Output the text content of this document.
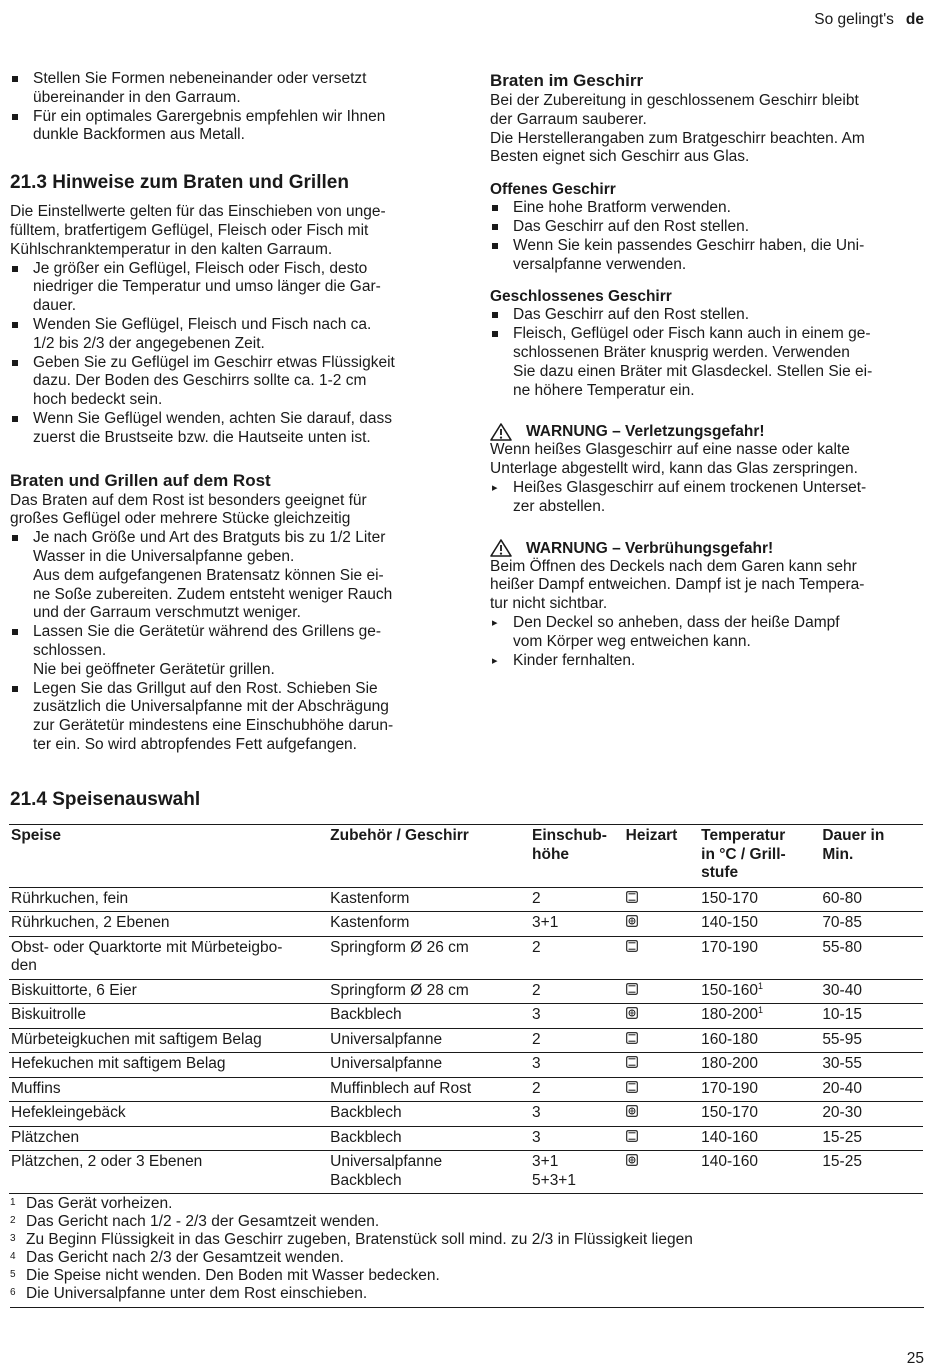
So gelingt's de
Stellen Sie Formen nebeneinander oder versetzt
übereinander in den Garraum.
Für ein optimales Garergebnis empfehlen wir Ihnen
dunkle Backformen aus Metall.
21.3 Hinweise zum Braten und Grillen

Die Einstellwerte gelten für das Einschieben von unge-
fülltem, bratfertigem Geflügel, Fleisch oder Fisch mit
Kühlschranktemperatur in den kalten Garraum.

Je größer ein Geflügel, Fleisch oder Fisch, desto
niedriger die Temperatur und umso länger die Gar-
dauer.
Wenden Sie Geflügel, Fleisch und Fisch nach ca.
1/2 bis 2/3 der angegebenen Zeit.
Geben Sie zu Geflügel im Geschirr etwas Flüssigkeit
dazu. Der Boden des Geschirrs sollte ca. 1-2 cm
hoch bedeckt sein.
Wenn Sie Geflügel wenden, achten Sie darauf, dass
zuerst die Brustseite bzw. die Hautseite unten ist.
Braten und Grillen auf dem Rost

Das Braten auf dem Rost ist besonders geeignet für
großes Geflügel oder mehrere Stücke gleichzeitig

Je nach Größe und Art des Bratguts bis zu 1/2 Liter
Wasser in die Universalpfanne geben.
Aus dem aufgefangenen Bratensatz können Sie ei-
ne Soße zubereiten. Zudem entsteht weniger Rauch
und der Garraum verschmutzt weniger.
Lassen Sie die Gerätetür während des Grillens ge-
schlossen.
Nie bei geöffneter Gerätetür grillen.
Legen Sie das Grillgut auf den Rost. Schieben Sie
zusätzlich die Universalpfanne mit der Abschrägung
zur Gerätetür mindestens eine Einschubhöhe darun-
ter ein. So wird abtropfendes Fett aufgefangen.
Braten im Geschirr

Bei der Zubereitung in geschlossenem Geschirr bleibt
der Garraum sauberer.
Die Herstellerangaben zum Bratgeschirr beachten. Am
Besten eignet sich Geschirr aus Glas.

Offenes Geschirr
Eine hohe Bratform verwenden.
Das Geschirr auf den Rost stellen.
Wenn Sie kein passendes Geschirr haben, die Uni-
versalpfanne verwenden.
Geschlossenes Geschirr
Das Geschirr auf den Rost stellen.
Fleisch, Geflügel oder Fisch kann auch in einem ge-
schlossenen Bräter knusprig werden. Verwenden
Sie dazu einen Bräter mit Glasdeckel. Stellen Sie ei-
ne höhere Temperatur ein.
WARNUNG – Verletzungsgefahr!

Wenn heißes Glasgeschirr auf eine nasse oder kalte
Unterlage abgestellt wird, kann das Glas zerspringen.

▸ Heißes Glasgeschirr auf einem trockenen Unterset-
zer abstellen.
WARNUNG – Verbrühungsgefahr!

Beim Öffnen des Deckels nach dem Garen kann sehr
heißer Dampf entweichen. Dampf ist je nach Tempera-
tur nicht sichtbar.

▸ Den Deckel so anheben, dass der heiße Dampf
vom Körper weg entweichen kann.
▸ Kinder fernhalten.
21.4 Speisenauswahl
Speise	Zubehör / Geschirr	Einschub-
höhe	Heizart	Temperatur
in °C / Grill-
stufe	Dauer in
Min.

Rührkuchen, fein	Kastenform	2		150-170	60-80

Rührkuchen, 2 Ebenen	Kastenform	3+1		140-150	70-85

Obst- oder Quarktorte mit Mürbeteigbo-
den	Springform Ø 26 cm	2		170-190	55-80

Biskuittorte, 6 Eier	Springform Ø 28 cm	2		$150-160^1$	30-40

Biskuitrolle	Backblech	3		$180-200^1$	10-15

Mürbeteigkuchen mit saftigem Belag	Universalpfanne	2		160-180	55-95

Hefekuchen mit saftigem Belag	Universalpfanne	3		180-200	30-55

Muffins	Muffinblech auf Rost	2		170-190	20-40

Hefekleingebäck	Backblech	3		150-170	20-30

Plätzchen	Backblech	3		140-160	15-25

Plätzchen, 2 oder 3 Ebenen	Universalpfanne
Backblech	3+1
5+3+1		140-160	15-25
1 Das Gerät vorheizen.
2 Das Gericht nach 1/2 - 2/3 der Gesamtzeit wenden.
3 Zu Beginn Flüssigkeit in das Geschirr zugeben, Bratenstück soll mind. zu 2/3 in Flüssigkeit liegen
4 Das Gericht nach 2/3 der Gesamtzeit wenden.
5 Die Speise nicht wenden. Den Boden mit Wasser bedecken.
6 Die Universalpfanne unter dem Rost einschieben.
25
